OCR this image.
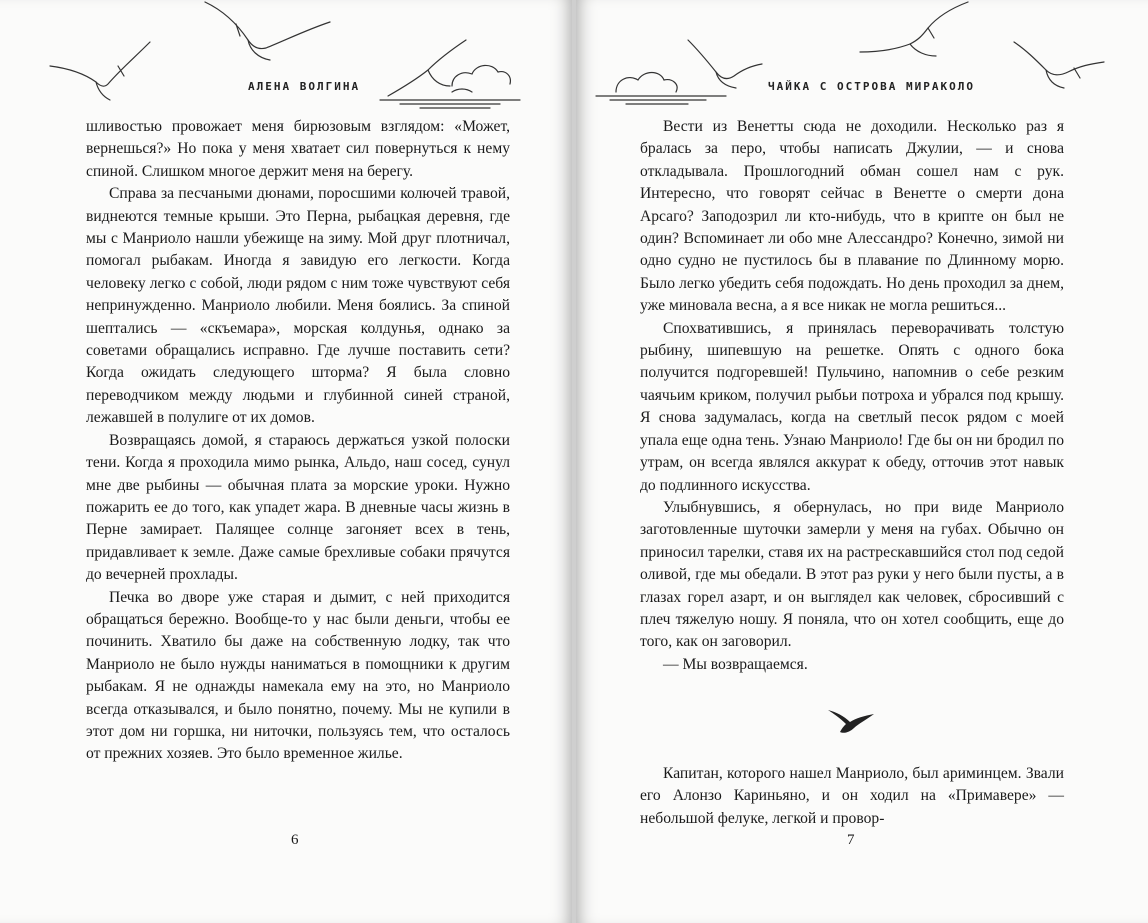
АЛЕНА ВОЛГИНА

шливостью провожает меня бирюзовым взглядом: «Может, вернешься?» Но пока у меня хватает сил повернуться к нему спиной. Слишком многое держит меня на берегу.

Справа за песчаными дюнами, поросшими колючей травой, виднеются темные крыши. Это Перна, рыбацкая деревня, где мы с Манриоло нашли убежище на зиму. Мой друг плотничал, помогал рыбакам. Иногда я завидую его легкости. Когда человеку легко с собой, люди рядом с ним тоже чувствуют себя непринужденно. Манриоло любили. Меня боялись. За спиной шептались — «скъемара», морская колдунья, однако за советами обращались исправно. Где лучше поставить сети? Когда ожидать следующего шторма? Я была словно переводчиком между людьми и глубинной синей страной, лежавшей в полулиге от их домов.

Возвращаясь домой, я стараюсь держаться узкой полоски тени. Когда я проходила мимо рынка, Альдо, наш сосед, сунул мне две рыбины — обычная плата за морские уроки. Нужно пожарить ее до того, как упадет жара. В дневные часы жизнь в Перне замирает. Палящее солнце загоняет всех в тень, придавливает к земле. Даже самые брехливые собаки прячутся до вечерней прохлады.

Печка во дворе уже старая и дымит, с ней приходится обращаться бережно. Вообще-то у нас были деньги, чтобы ее починить. Хватило бы даже на собственную лодку, так что Манриоло не было нужды наниматься в помощники к другим рыбакам. Я не однажды намекала ему на это, но Манриоло всегда отказывался, и было понятно, почему. Мы не купили в этот дом ни горшка, ни ниточки, пользуясь тем, что осталось от прежних хозяев. Это было временное жилье.

6
ЧАЙКА С ОСТРОВА МИРАКОЛО

Вести из Венетты сюда не доходили. Несколько раз я бралась за перо, чтобы написать Джулии, — и снова откладывала. Прошлогодний обман сошел нам с рук. Интересно, что говорят сейчас в Венетте о смерти дона Арсаго? Заподозрил ли кто-нибудь, что в крипте он был не один? Вспоминает ли обо мне Алессандро? Конечно, зимой ни одно судно не пустилось бы в плавание по Длинному морю. Было легко убедить себя подождать. Но день проходил за днем, уже миновала весна, а я все никак не могла решиться...

Спохватившись, я принялась переворачивать толстую рыбину, шипевшую на решетке. Опять с одного бока получится подгоревшей! Пульчино, напомнив о себе резким чаячьим криком, получил рыбьи потроха и убрался под крышу. Я снова задумалась, когда на светлый песок рядом с моей упала еще одна тень. Узнаю Манриоло! Где бы он ни бродил по утрам, он всегда являлся аккурат к обеду, отточив этот навык до подлинного искусства.

Улыбнувшись, я обернулась, но при виде Манриоло заготовленные шуточки замерли у меня на губах. Обычно он приносил тарелки, ставя их на растрескавшийся стол под седой оливой, где мы обедали. В этот раз руки у него были пусты, а в глазах горел азарт, и он выглядел как человек, сбросивший с плеч тяжелую ношу. Я поняла, что он хотел сообщить, еще до того, как он заговорил.

— Мы возвращаемся.

Капитан, которого нашел Манриоло, был ариминцем. Звали его Алонзо Кариньяно, и он ходил на «Примавере» — небольшой фелуке, легкой и провор-

7
